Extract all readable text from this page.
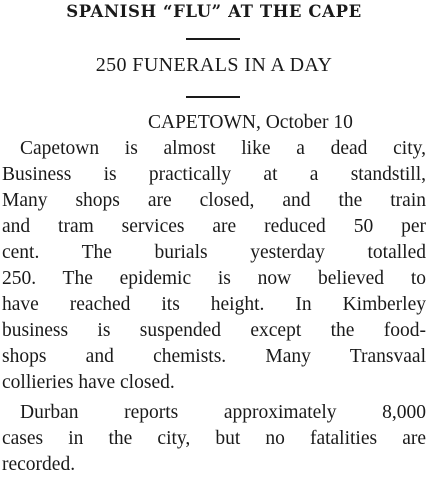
SPANISH “FLU” AT THE CAPE
250 FUNERALS IN A DAY
CAPETOWN, October 10
Capetown is almost like a dead city,
Business is practically at a standstill,
Many shops are closed, and the train
and tram services are reduced 50 per
cent. The burials yesterday totalled
250. The epidemic is now believed to
have reached its height. In Kimberley
business is suspended except the food-
shops and chemists. Many Transvaal
collieries have closed.
Durban reports approximately 8,000
cases in the city, but no fatalities are
recorded.
